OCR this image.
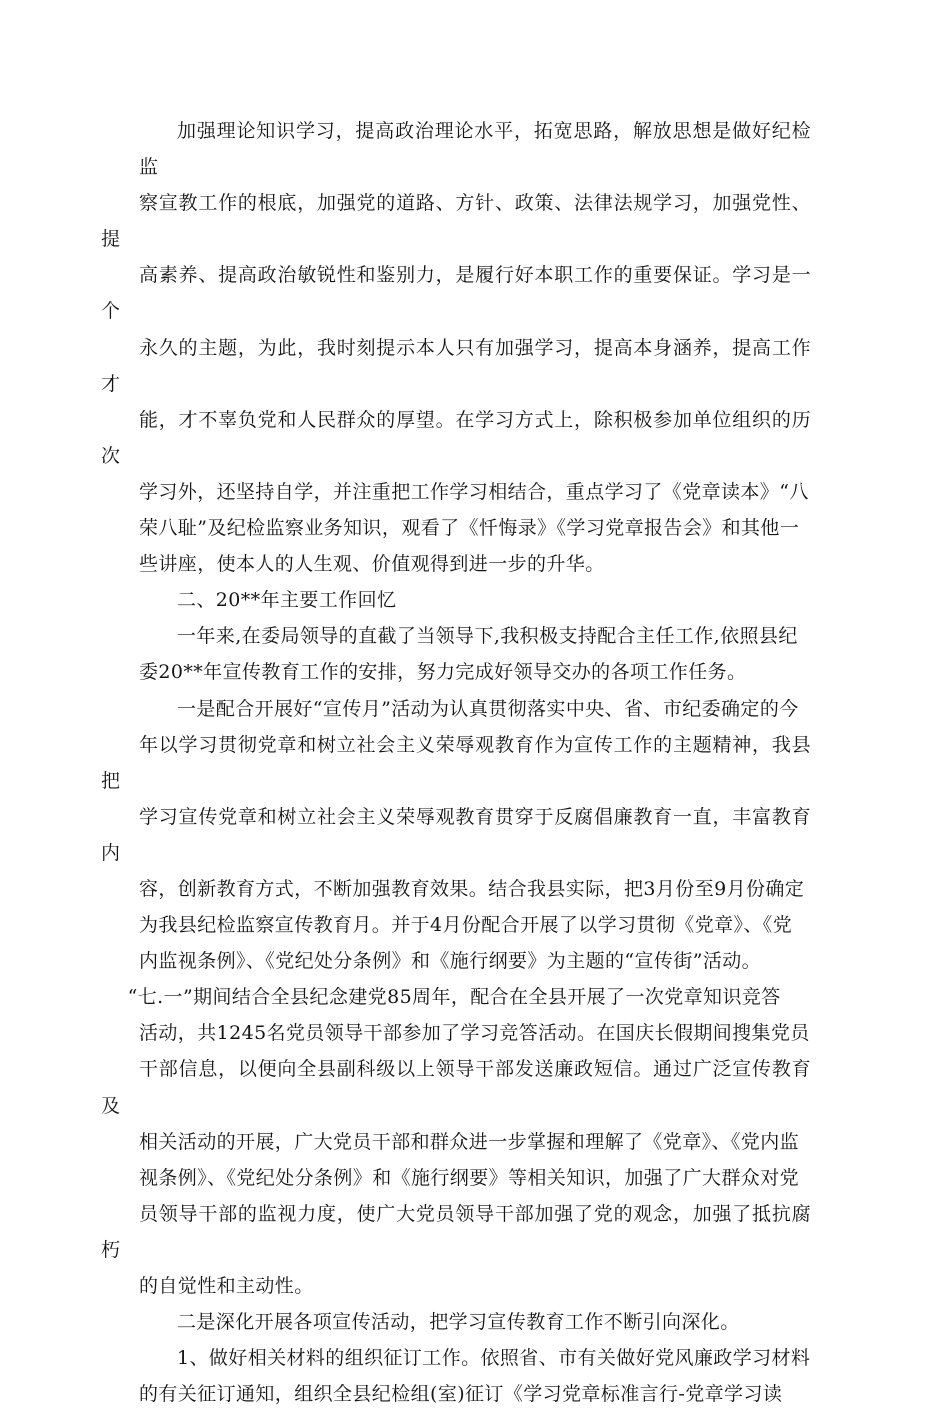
加强理论知识学习，提高政治理论水平，拓宽思路，解放思想是做好纪检监
察宣教工作的根底，加强党的道路、方针、政策、法律法规学习，加强党性、提
高素养、提高政治敏锐性和鉴别力，是履行好本职工作的重要保证。学习是一个
永久的主题，为此，我时刻提示本人只有加强学习，提高本身涵养，提高工作才
能，才不辜负党和人民群众的厚望。在学习方式上，除积极参加单位组织的历次
学习外，还坚持自学，并注重把工作学习相结合，重点学习了《党章读本》“八
荣八耻”及纪检监察业务知识，观看了《忏悔录》《学习党章报告会》和其他一
些讲座，使本人的人生观、价值观得到进一步的升华。

二、20**年主要工作回忆

一年来,在委局领导的直截了当领导下,我积极支持配合主任工作,依照县纪
委20**年宣传教育工作的安排，努力完成好领导交办的各项工作任务。

一是配合开展好“宣传月”活动为认真贯彻落实中央、省、市纪委确定的今
年以学习贯彻党章和树立社会主义荣辱观教育作为宣传工作的主题精神，我县把
学习宣传党章和树立社会主义荣辱观教育贯穿于反腐倡廉教育一直，丰富教育内
容，创新教育方式，不断加强教育效果。结合我县实际，把3月份至9月份确定
为我县纪检监察宣传教育月。并于4月份配合开展了以学习贯彻《党章》、《党
内监视条例》、《党纪处分条例》和《施行纲要》为主题的“宣传街”活动。
“七.一”期间结合全县纪念建党85周年，配合在全县开展了一次党章知识竞答
活动，共1245名党员领导干部参加了学习竞答活动。在国庆长假期间搜集党员
干部信息，以便向全县副科级以上领导干部发送廉政短信。通过广泛宣传教育及
相关活动的开展，广大党员干部和群众进一步掌握和理解了《党章》、《党内监
视条例》、《党纪处分条例》和《施行纲要》等相关知识，加强了广大群众对党
员领导干部的监视力度，使广大党员领导干部加强了党的观念，加强了抵抗腐朽
的自觉性和主动性。

二是深化开展各项宣传活动，把学习宣传教育工作不断引向深化。

1、做好相关材料的组织征订工作。依照省、市有关做好党风廉政学习材料
的有关征订通知，组织全县纪检组(室)征订《学习党章标准言行-党章学习读
